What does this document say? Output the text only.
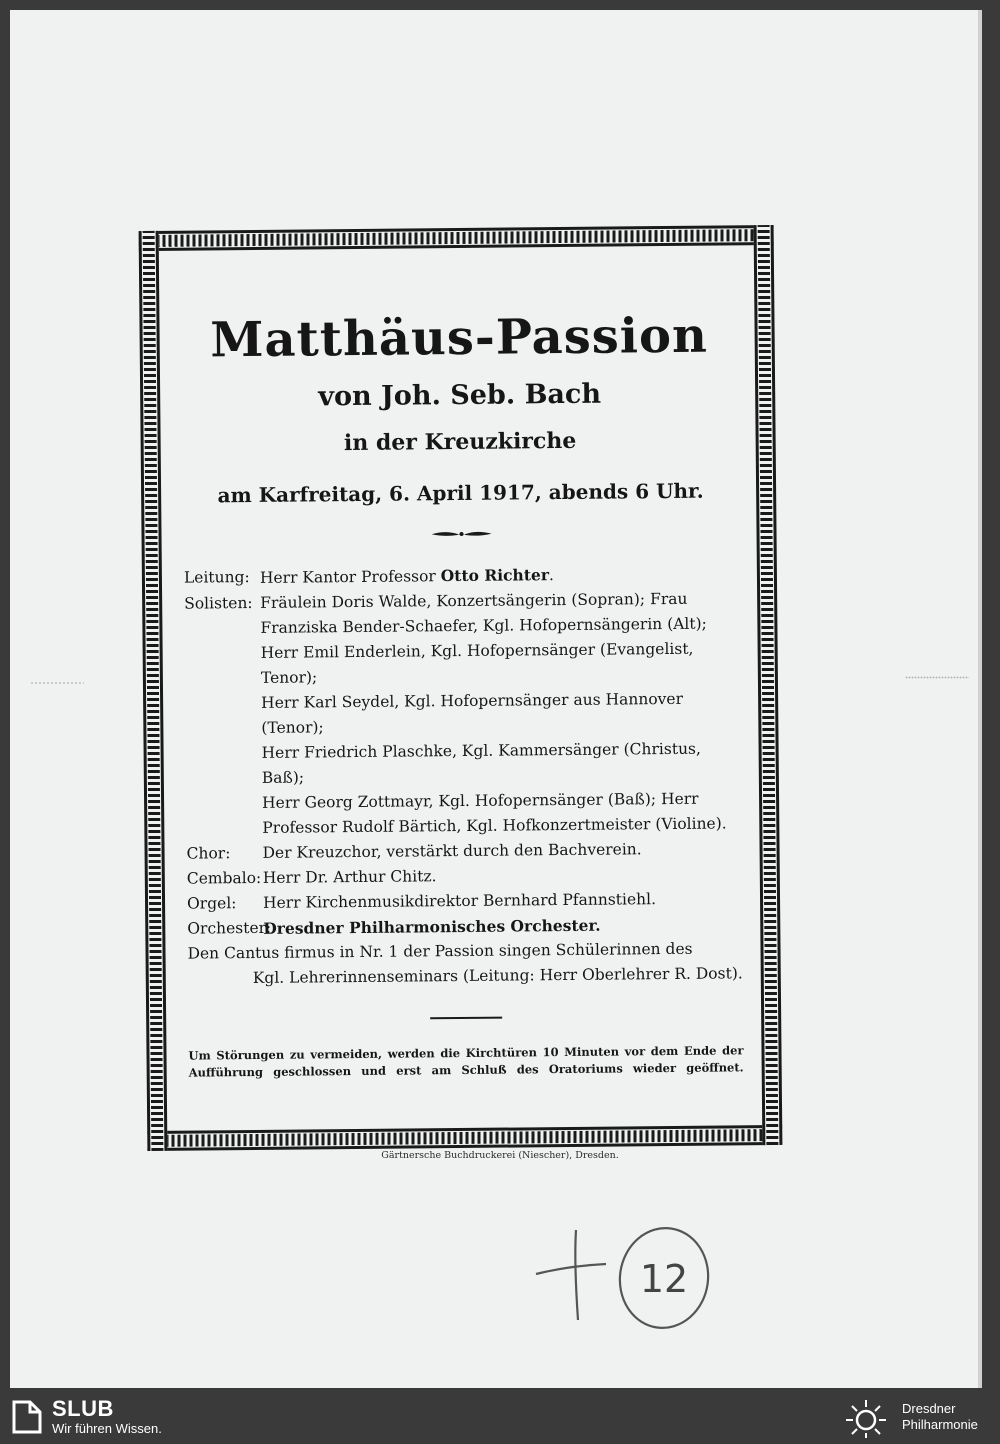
Matthäus-Passion
von Joh. Seb. Bach
in der Kreuzkirche
am Karfreitag, 6. April 1917, abends 6 Uhr.
Leitung: Herr Kantor Professor Otto Richter.
Solisten: Fräulein Doris Walde, Konzertsängerin (Sopran); Frau
Franziska Bender-Schaefer, Kgl. Hofopernsängerin (Alt);
Herr Emil Enderlein, Kgl. Hofopernsänger (Evangelist, Tenor);
Herr Karl Seydel, Kgl. Hofopernsänger aus Hannover (Tenor);
Herr Friedrich Plaschke, Kgl. Kammersänger (Christus, Baß);
Herr Georg Zottmayr, Kgl. Hofopernsänger (Baß); Herr
Professor Rudolf Bärtich, Kgl. Hofkonzertmeister (Violine).
Chor:	Der Kreuzchor, verstärkt durch den Bachverein.
Cembalo: Herr Dr. Arthur Chitz.
Orgel:	Herr Kirchenmusikdirektor Bernhard Pfannstiehl.
Orchester:
Dresdner Philharmonisches Orchester.
Den Cantus firmus in Nr. 1 der Passion singen Schülerinnen des
Kgl. Lehrerinnenseminars (Leitung: Herr Oberlehrer R. Dost).
Um Störungen zu vermeiden, werden die Kirchtüren 10 Minuten vor dem Ende der Aufführung geschlossen und erst am Schluß des Oratoriums wieder geöffnet.
Gärtnersche Buchdruckerei (Niescher), Dresden.
12
SLUB
Wir führen Wissen.
Dresdner
Philharmonie
